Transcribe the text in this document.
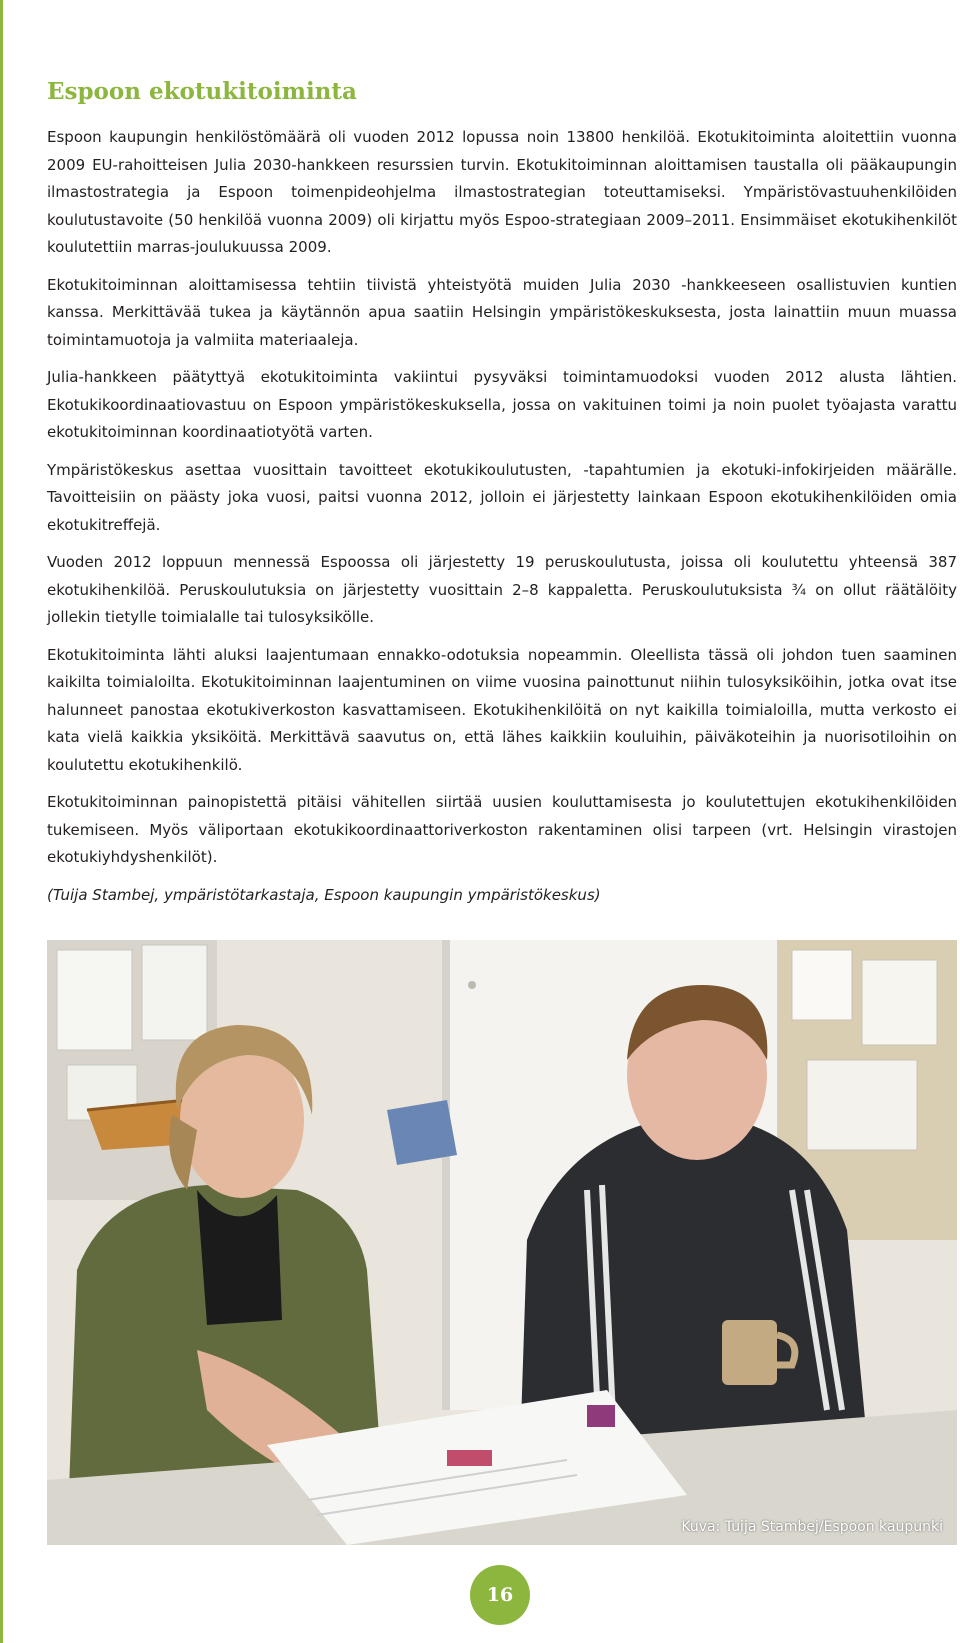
Espoon ekotukitoiminta

Espoon kaupungin henkilöstömäärä oli vuoden 2012 lopussa noin 13800 henkilöä. Ekotukitoiminta aloitettiin vuonna 2009 EU-rahoitteisen Julia 2030-hankkeen resurssien turvin. Ekotukitoiminnan aloittamisen taustalla oli pääkaupungin ilmastostrategia ja Espoon toimenpideohjelma ilmastostrategian toteuttamiseksi. Ympäristövastuuhenkilöiden koulutustavoite (50 henkilöä vuonna 2009) oli kirjattu myös Espoo-strategiaan 2009–2011. Ensimmäiset ekotukihenkilöt koulutettiin marras-joulukuussa 2009.

Ekotukitoiminnan aloittamisessa tehtiin tiivistä yhteistyötä muiden Julia 2030 -hankkeeseen osallistuvien kuntien kanssa. Merkittävää tukea ja käytännön apua saatiin Helsingin ympäristökeskuksesta, josta lainattiin muun muassa toimintamuotoja ja valmiita materiaaleja.

Julia-hankkeen päätyttyä ekotukitoiminta vakiintui pysyväksi toimintamuodoksi vuoden 2012 alusta lähtien. Ekotukikoordinaatiovastuu on Espoon ympäristökeskuksella, jossa on vakituinen toimi ja noin puolet työajasta varattu ekotukitoiminnan koordinaatiotyötä varten.

Ympäristökeskus asettaa vuosittain tavoitteet ekotukikoulutusten, -tapahtumien ja ekotuki-infokirjeiden määrälle. Tavoitteisiin on päästy joka vuosi, paitsi vuonna 2012, jolloin ei järjestetty lainkaan Espoon ekotukihenkilöiden omia ekotukitreffejä.

Vuoden 2012 loppuun mennessä Espoossa oli järjestetty 19 peruskoulutusta, joissa oli koulutettu yhteensä 387 ekotukihenkilöä. Peruskoulutuksia on järjestetty vuosittain 2–8 kappaletta. Peruskoulutuksista ¾ on ollut räätälöity jollekin tietylle toimialalle tai tulosyksikölle.

Ekotukitoiminta lähti aluksi laajentumaan ennakko-odotuksia nopeammin. Oleellista tässä oli johdon tuen saaminen kaikilta toimialoilta. Ekotukitoiminnan laajentuminen on viime vuosina painottunut niihin tulosyksiköihin, jotka ovat itse halunneet panostaa ekotukiverkoston kasvattamiseen. Ekotukihenkilöitä on nyt kaikilla toimialoilla, mutta verkosto ei kata vielä kaikkia yksiköitä. Merkittävä saavutus on, että lähes kaikkiin kouluihin, päiväkoteihin ja nuorisotiloihin on koulutettu ekotukihenkilö.

Ekotukitoiminnan painopistettä pitäisi vähitellen siirtää uusien kouluttamisesta jo koulutettujen ekotukihenkilöiden tukemiseen. Myös väliportaan ekotukikoordinaattoriverkoston rakentaminen olisi tarpeen (vrt. Helsingin virastojen ekotukiyhdyshenkilöt).

(Tuija Stambej, ympäristötarkastaja, Espoon kaupungin ympäristökeskus)

Kuva: Tuija Stambej/Espoon kaupunki
16
